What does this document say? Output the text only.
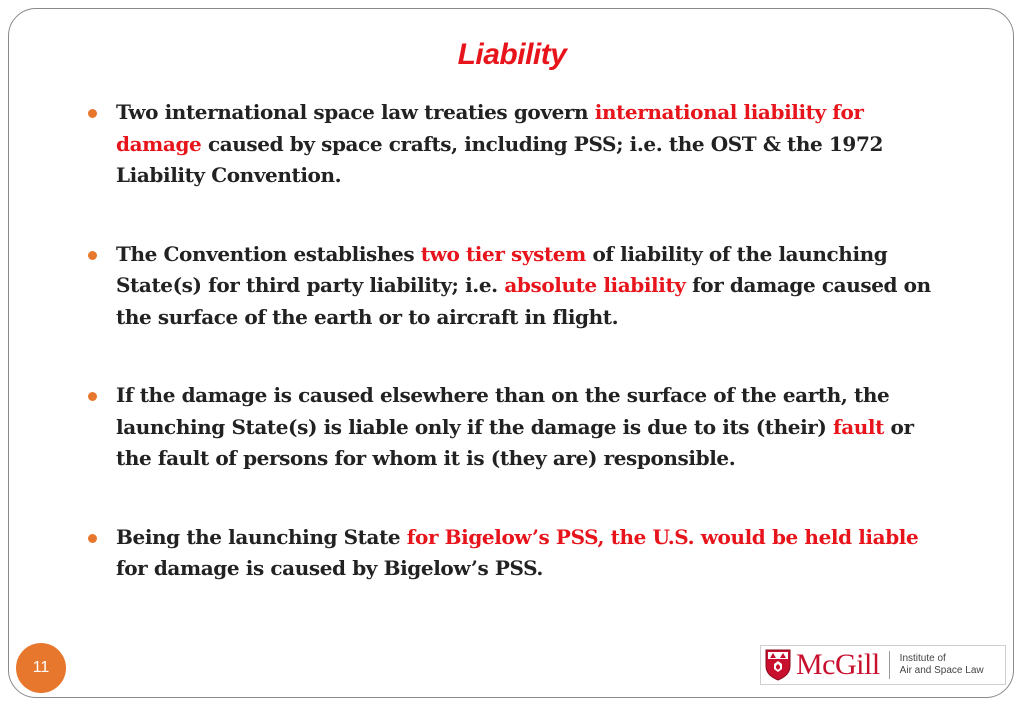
Liability
Two international space law treaties govern international liability for damage caused by space crafts, including PSS; i.e. the OST & the 1972 Liability Convention.
The Convention establishes two tier system of liability of the launching State(s) for third party liability; i.e. absolute liability for damage caused on the surface of the earth or to aircraft in flight.
If the damage is caused elsewhere than on the surface of the earth, the launching State(s) is liable only if the damage is due to its (their) fault or the fault of persons for whom it is (they are) responsible.
Being the launching State for Bigelow’s PSS, the U.S. would be held liable for damage is caused by Bigelow’s PSS.
11	McGill Institute of
Air and Space Law
